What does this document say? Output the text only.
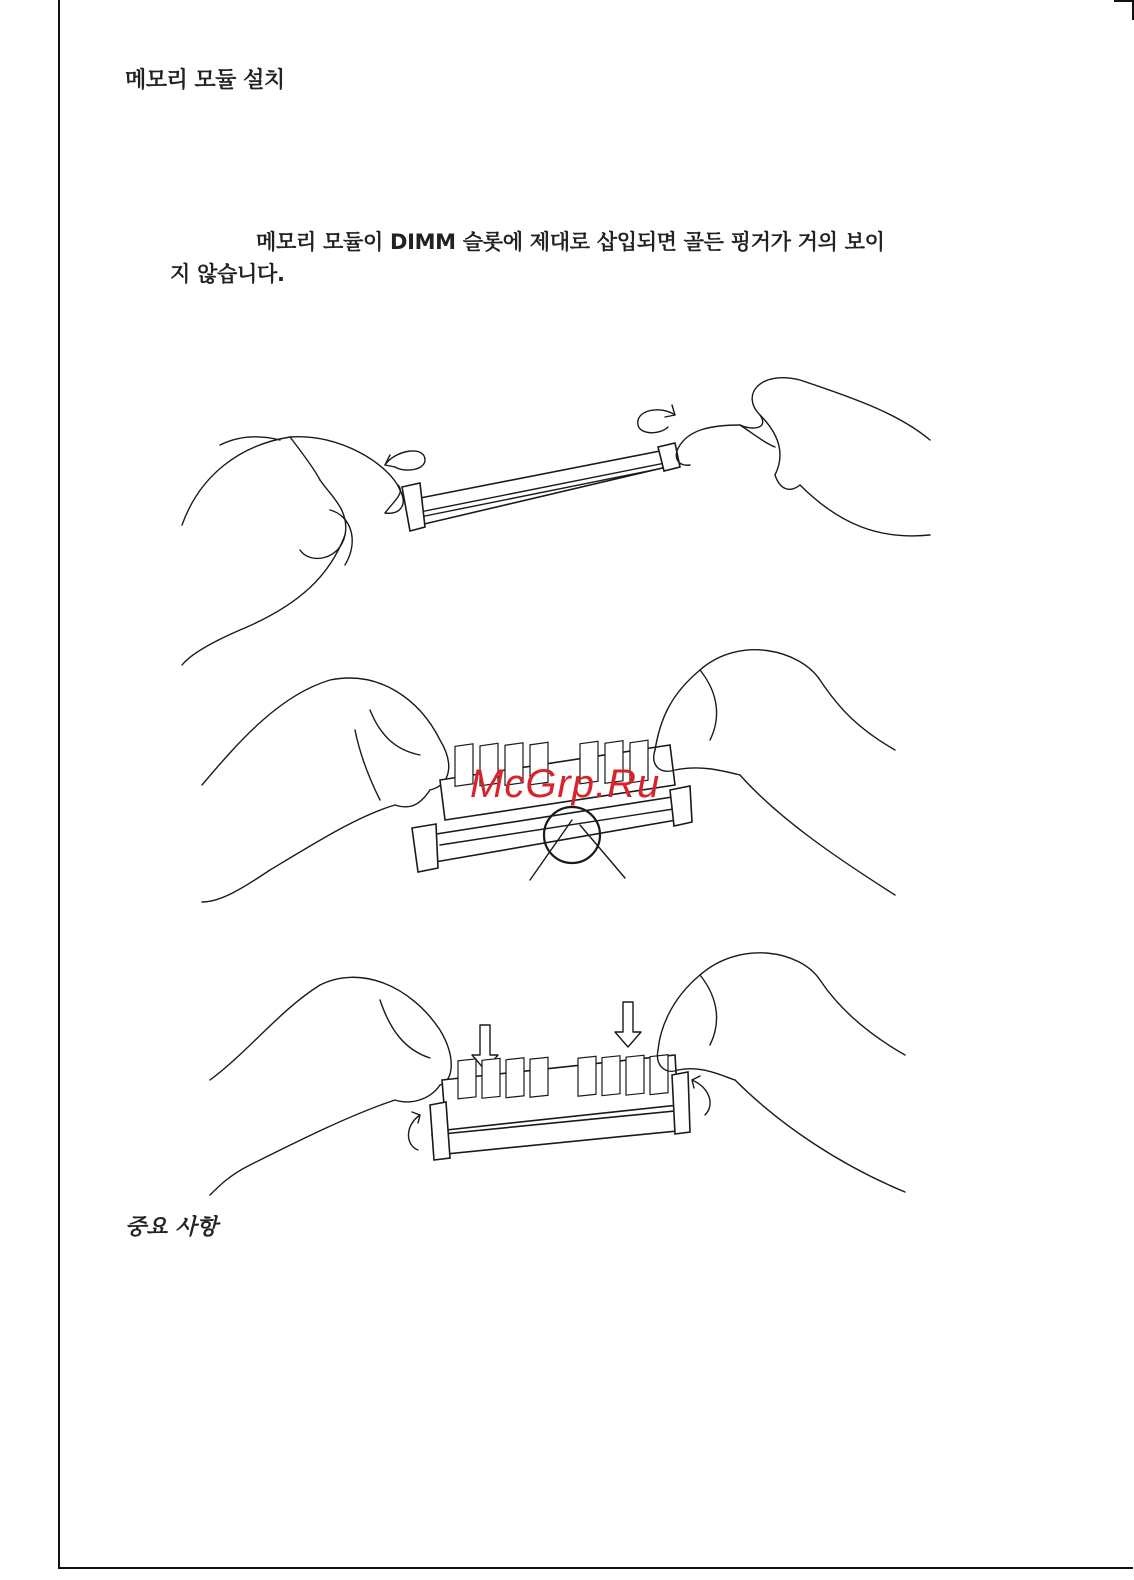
메모리 모듈 설치
메모리 모듈이 DIMM 슬롯에 제대로 삽입되면 골든 핑거가 거의 보이
지 않습니다.
McGrp.Ru
중요 사항
